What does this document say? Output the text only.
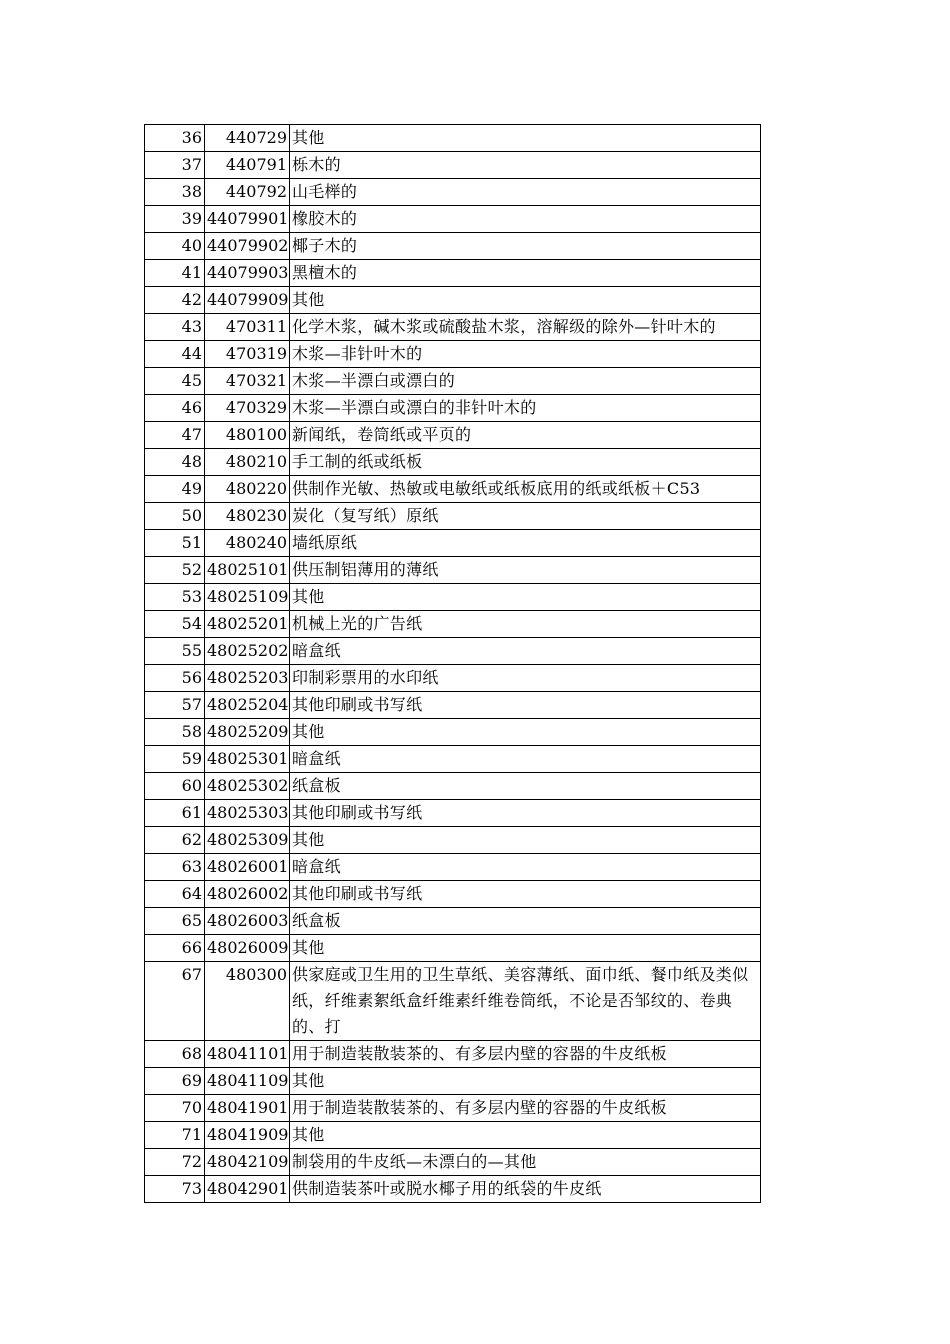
36	440729	其他
37	440791	栎木的
38	440792	山毛榉的
39	44079901	橡胶木的
40	44079902	椰子木的
41	44079903	黑檀木的
42	44079909	其他
43	470311	化学木浆，碱木浆或硫酸盐木浆，溶解级的除外—针叶木的
44	470319	木浆—非针叶木的
45	470321	木浆—半漂白或漂白的
46	470329	木浆—半漂白或漂白的非针叶木的
47	480100	新闻纸，卷筒纸或平页的
48	480210	手工制的纸或纸板
49	480220	供制作光敏、热敏或电敏纸或纸板底用的纸或纸板＋C53
50	480230	炭化（复写纸）原纸
51	480240	墙纸原纸
52	48025101	供压制铝薄用的薄纸
53	48025109	其他
54	48025201	机械上光的广告纸
55	48025202	暗盒纸
56	48025203	印制彩票用的水印纸
57	48025204	其他印刷或书写纸
58	48025209	其他
59	48025301	暗盒纸
60	48025302	纸盒板
61	48025303	其他印刷或书写纸
62	48025309	其他
63	48026001	暗盒纸
64	48026002	其他印刷或书写纸
65	48026003	纸盒板
66	48026009	其他
67	480300	供家庭或卫生用的卫生草纸、美容薄纸、面巾纸、餐巾纸及类似纸，纤维素絮纸盒纤维素纤维卷筒纸，不论是否邹纹的、卷典的、打
68	48041101	用于制造装散装茶的、有多层内壁的容器的牛皮纸板
69	48041109	其他
70	48041901	用于制造装散装茶的、有多层内壁的容器的牛皮纸板
71	48041909	其他
72	48042109	制袋用的牛皮纸—未漂白的—其他
73	48042901	供制造装茶叶或脱水椰子用的纸袋的牛皮纸
